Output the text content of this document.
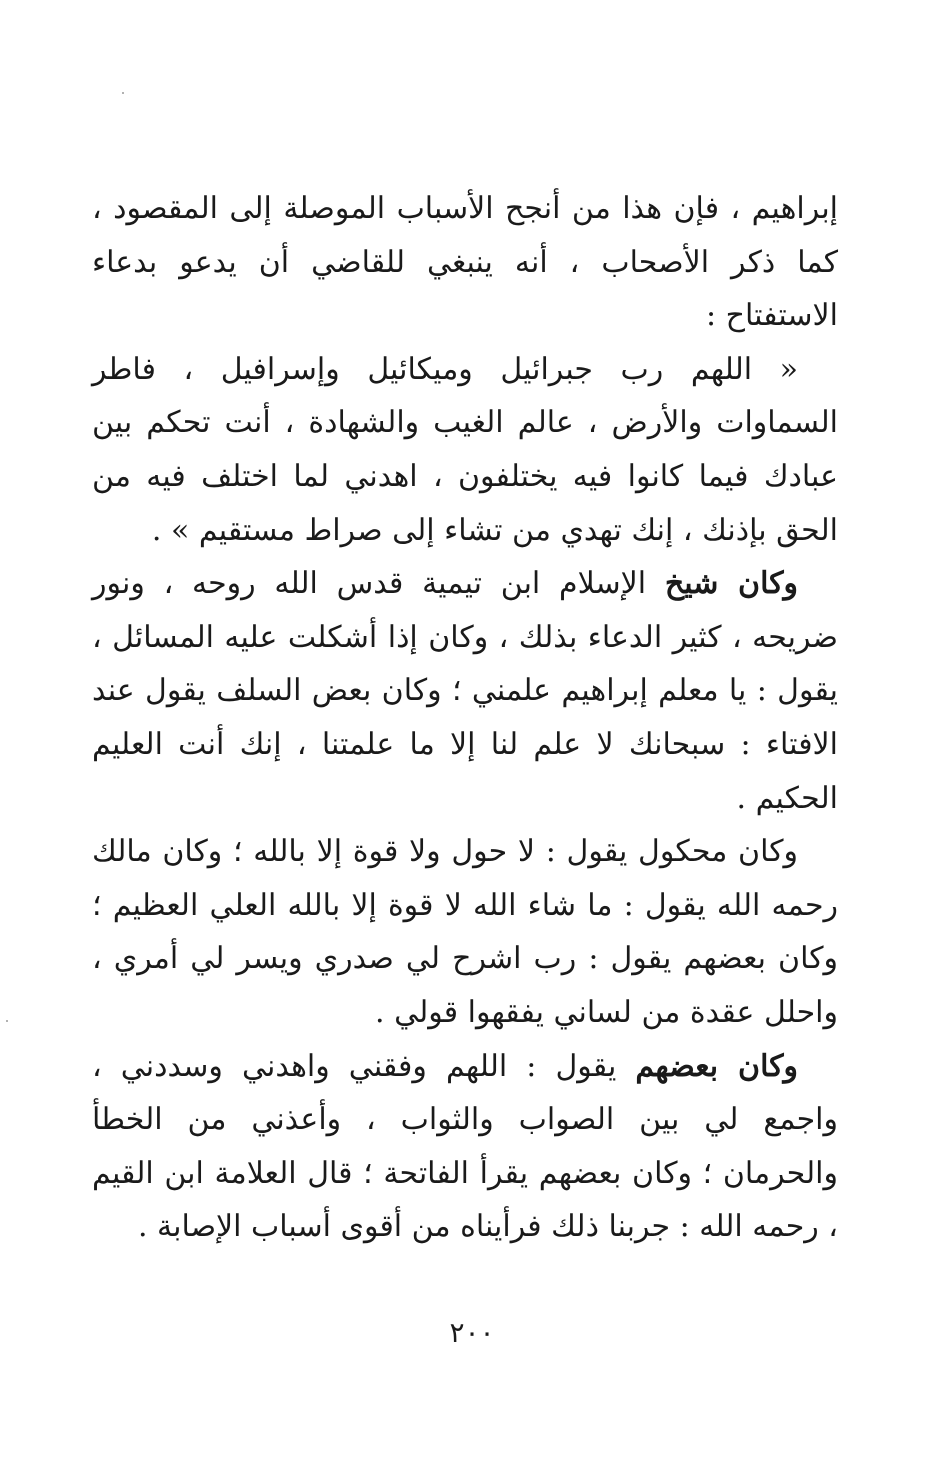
إبراهيم ، فإن هذا من أنجح الأسباب الموصلة إلى المقصود ، كما ذكر الأصحاب ، أنه ينبغي للقاضي أن يدعو بدعاء الاستفتاح :

« اللهم رب جبرائيل وميكائيل وإسرافيل ، فاطر السماوات والأرض ، عالم الغيب والشهادة ، أنت تحكم بين عبادك فيما كانوا فيه يختلفون ، اهدني لما اختلف فيه من الحق بإذنك ، إنك تهدي من تشاء إلى صراط مستقيم » .

وكان شيخ الإسلام ابن تيمية قدس الله روحه ، ونور ضريحه ، كثير الدعاء بذلك ، وكان إذا أشكلت عليه المسائل ، يقول : يا معلم إبراهيم علمني ؛ وكان بعض السلف يقول عند الافتاء : سبحانك لا علم لنا إلا ما علمتنا ، إنك أنت العليم الحكيم .

وكان محكول يقول : لا حول ولا قوة إلا بالله ؛ وكان مالك رحمه الله يقول : ما شاء الله لا قوة إلا بالله العلي العظيم ؛ وكان بعضهم يقول : رب اشرح لي صدري ويسر لي أمري ، واحلل عقدة من لساني يفقهوا قولي .

وكان بعضهم يقول : اللهم وفقني واهدني وسددني ، واجمع لي بين الصواب والثواب ، وأعذني من الخطأ والحرمان ؛ وكان بعضهم يقرأ الفاتحة ؛ قال العلامة ابن القيم ، رحمه الله : جربنا ذلك فرأيناه من أقوى أسباب الإصابة .

٢٠٠
